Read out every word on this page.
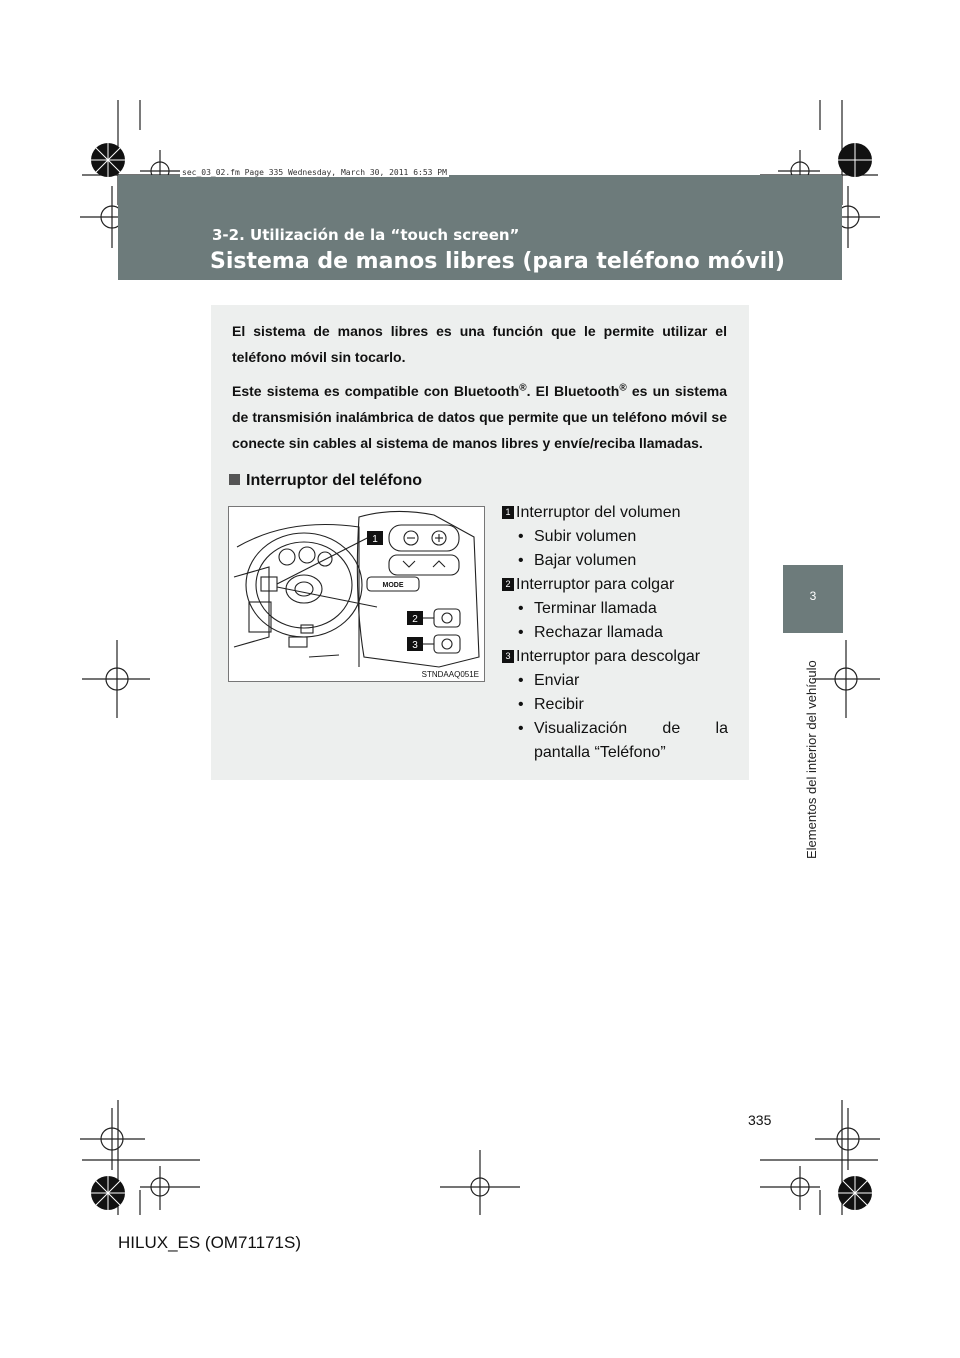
sec_03_02.fm Page 335 Wednesday, March 30, 2011 6:53 PM
3-2. Utilización de la “touch screen”
Sistema de manos libres (para teléfono móvil)
3
Elementos del interior del vehículo

El sistema de manos libres es una función que le permite utilizar el teléfono móvil sin tocarlo.

Este sistema es compatible con Bluetooth®. El Bluetooth® es un sistema de transmisión inalámbrica de datos que permite que un teléfono móvil se conecte sin cables al sistema de manos libres y envíe/reciba llamadas.

Interruptor del teléfono
1
2
3
MODE
STNDAAQ051E
1 Interruptor del volumen
• Subir volumen
• Bajar volumen
2 Interruptor para colgar
• Terminar llamada
• Rechazar llamada
3 Interruptor para descolgar
• Enviar
• Recibir
• Visualización de la
pantalla “Teléfono”
335
HILUX_ES (OM71171S)
